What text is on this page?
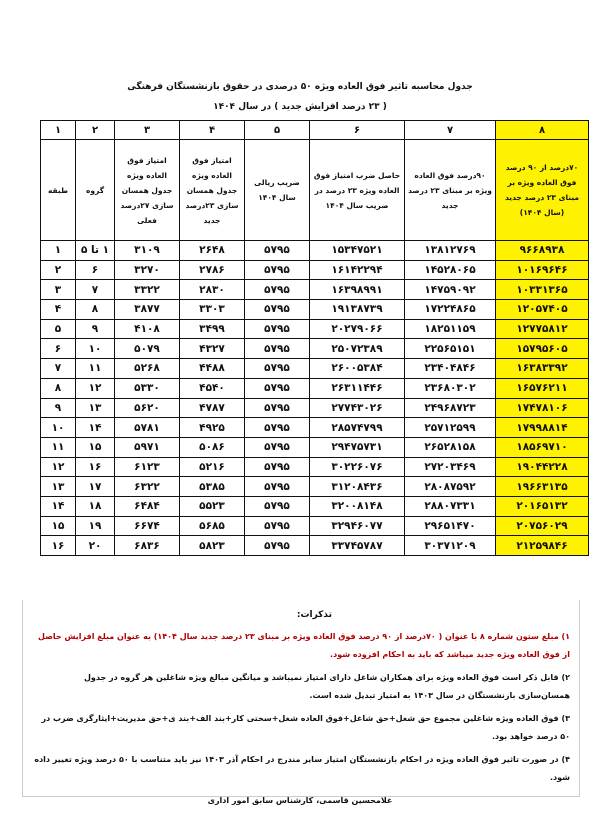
جدول محاسبه تاثیر فوق العاده ویژه ۵۰ درصدی در حقوق بازنشستگان فرهنگی
( ۲۳ درصد افزایش جدید ) در سال ۱۴۰۴
۸	۷	۶	۵	۴	۳	۲	۱
۷۰درصد از ۹۰ درصد فوق العاده ویژه بر مبنای ۲۳ درصد جدید (سال ۱۴۰۴)	۹۰درصد فوق العاده ویژه بر مبنای ۲۳ درصد جدید	حاصل ضرب امتیاز فوق العاده ویژه ۲۳ درصد در ضریب سال ۱۴۰۴	ضریب ریالی سال ۱۴۰۴	امتیاز فوق العاده ویژه جدول همسان سازی ۲۳درصد جدید	امتیاز فوق العاده ویژه جدول همسان سازی ۲۷درصد فعلی	گروه	طبقه
۹۶۶۸۹۳۸	۱۳۸۱۲۷۶۹	۱۵۳۴۷۵۲۱	۵۷۹۵	۲۶۴۸	۳۱۰۹	۱ تا ۵	۱
۱۰۱۶۹۶۴۶	۱۴۵۲۸۰۶۵	۱۶۱۴۲۲۹۴	۵۷۹۵	۲۷۸۶	۳۲۷۰	۶	۲
۱۰۳۳۱۳۶۵	۱۴۷۵۹۰۹۲	۱۶۳۹۸۹۹۱	۵۷۹۵	۲۸۳۰	۳۳۲۲	۷	۳
۱۲۰۵۷۴۰۵	۱۷۲۲۴۸۶۵	۱۹۱۳۸۷۳۹	۵۷۹۵	۳۳۰۳	۳۸۷۷	۸	۴
۱۲۷۷۵۸۱۲	۱۸۲۵۱۱۵۹	۲۰۲۷۹۰۶۶	۵۷۹۵	۳۴۹۹	۴۱۰۸	۹	۵
۱۵۷۹۵۶۰۵	۲۲۵۶۵۱۵۱	۲۵۰۷۲۳۸۹	۵۷۹۵	۴۳۲۷	۵۰۷۹	۱۰	۶
۱۶۳۸۳۳۹۲	۲۳۴۰۴۸۴۶	۲۶۰۰۵۳۸۴	۵۷۹۵	۴۴۸۸	۵۲۶۸	۱۱	۷
۱۶۵۷۶۲۱۱	۲۳۶۸۰۳۰۲	۲۶۳۱۱۴۴۶	۵۷۹۵	۴۵۴۰	۵۳۳۰	۱۲	۸
۱۷۴۷۸۱۰۶	۲۴۹۶۸۷۲۳	۲۷۷۴۳۰۲۶	۵۷۹۵	۴۷۸۷	۵۶۲۰	۱۳	۹
۱۷۹۹۸۸۱۴	۲۵۷۱۲۵۹۹	۲۸۵۷۴۷۹۹	۵۷۹۵	۴۹۲۵	۵۷۸۱	۱۴	۱۰
۱۸۵۶۹۷۱۰	۲۶۵۲۸۱۵۸	۲۹۴۷۵۷۳۱	۵۷۹۵	۵۰۸۶	۵۹۷۱	۱۵	۱۱
۱۹۰۴۴۲۲۸	۲۷۲۰۳۴۶۹	۳۰۲۲۶۰۷۶	۵۷۹۵	۵۲۱۶	۶۱۲۳	۱۶	۱۲
۱۹۶۶۳۱۳۵	۲۸۰۸۷۵۹۲	۳۱۲۰۸۴۳۶	۵۷۹۵	۵۳۸۵	۶۳۲۲	۱۷	۱۳
۲۰۱۶۵۱۳۲	۲۸۸۰۷۳۳۱	۳۲۰۰۸۱۴۸	۵۷۹۵	۵۵۲۳	۶۴۸۴	۱۸	۱۴
۲۰۷۵۶۰۲۹	۲۹۶۵۱۴۷۰	۳۲۹۴۶۰۷۷	۵۷۹۵	۵۶۸۵	۶۶۷۴	۱۹	۱۵
۲۱۲۵۹۸۴۶	۳۰۳۷۱۲۰۹	۳۳۷۴۵۷۸۷	۵۷۹۵	۵۸۲۳	۶۸۳۶	۲۰	۱۶
تذکرات:

۱) مبلغ ستون شماره ۸ با عنوان ( ۷۰درصد از ۹۰ درصد فوق العاده ویژه بر مبنای ۲۳ درصد جدید سال ۱۴۰۴) به عنوان مبلغ افزایش حاصل از فوق العاده ویژه جدید میباشد که باید به احکام افزوده شود.

۲) قابل ذکر است فوق العاده ویژه برای همکاران شاغل دارای امتیاز نمیباشد و میانگین مبالغ ویژه شاغلین هر گروه در جدول همسان‌سازی بازنشستگان در سال ۱۴۰۳ به امتیاز تبدیل شده است.

۳) فوق العاده ویژه شاغلین مجموع حق شغل+حق شاغل+فوق العاده شغل+سختی کار+بند الف+بند ی+حق مدیریت+ایثارگری ضرب در ۵۰ درصد خواهد بود.

۴) در صورت تاثیر فوق العاده ویژه در احکام بازنشستگان امتیاز سایر مندرج در احکام آذر ۱۴۰۳ نیز باید متناسب با ۵۰ درصد ویژه تغییر داده شود.

غلامحسین قاسمی، کارشناس سابق امور اداری
